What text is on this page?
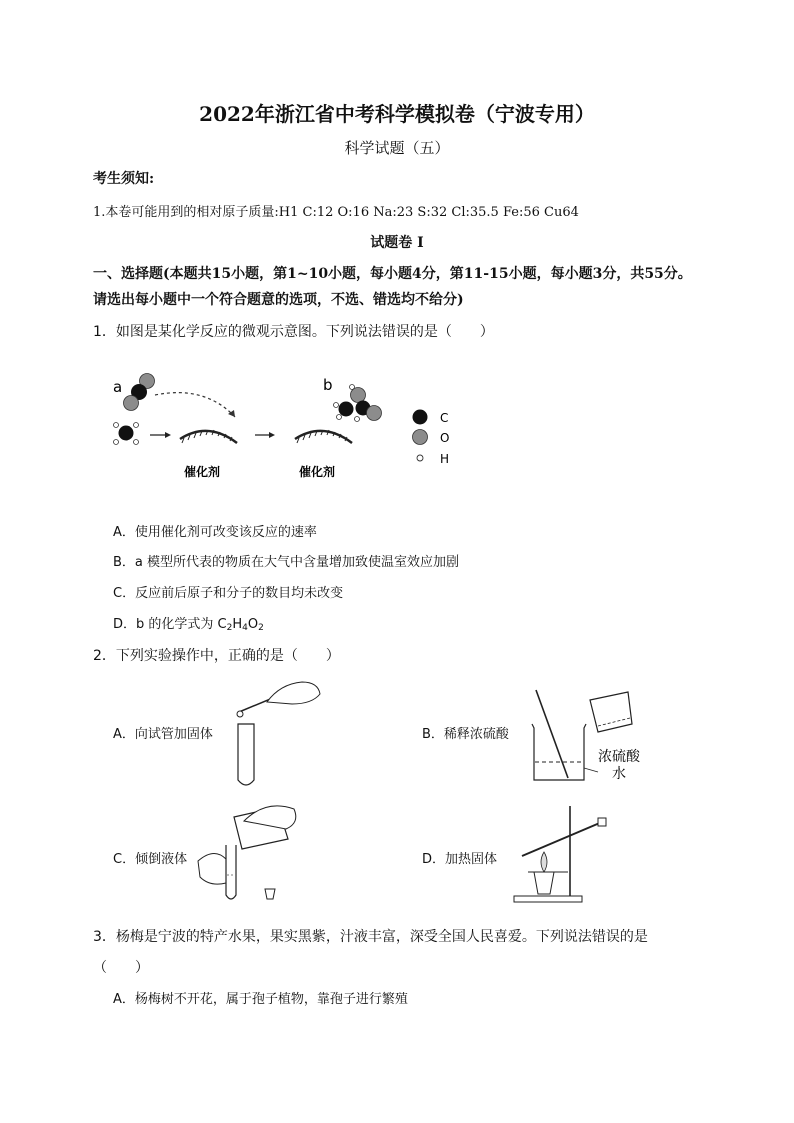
2022年浙江省中考科学模拟卷（宁波专用）
科学试题（五）
考生须知:
1.本卷可能用到的相对原子质量:H1 C:12 O:16 Na:23 S:32 Cl:35.5 Fe:56 Cu64
试题卷 I
一、选择题(本题共15小题，第1~10小题，每小题4分，第11-15小题，每小题3分，共55分。
请选出每小题中一个符合题意的选项，不选、错选均不给分)
1．如图是某化学反应的微观示意图。下列说法错误的是（　　）
a
催化剂	催化剂
b
C
O
H
A．使用催化剂可改变该反应的速率
B．a 模型所代表的物质在大气中含量增加致使温室效应加剧
C．反应前后原子和分子的数目均未改变
D．b 的化学式为 $C_2H_4O_2$
2．下列实验操作中，正确的是（　　）
A．向试管加固体	B．稀释浓硫酸
浓硫酸
水
C．倾倒液体	D．加热固体
3．杨梅是宁波的特产水果，果实黑紫，汁液丰富，深受全国人民喜爱。下列说法错误的是
（　　）
A．杨梅树不开花，属于孢子植物，靠孢子进行繁殖
